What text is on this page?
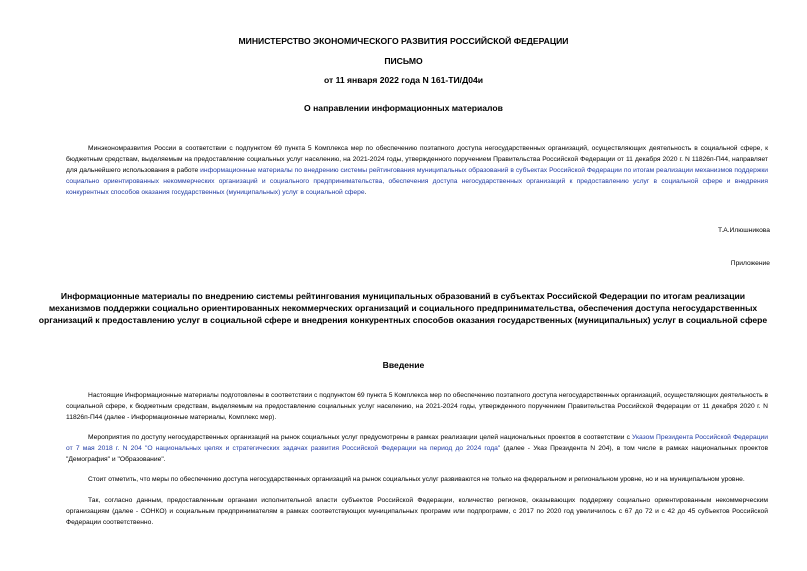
МИНИСТЕРСТВО ЭКОНОМИЧЕСКОГО РАЗВИТИЯ РОССИЙСКОЙ ФЕДЕРАЦИИ
ПИСЬМО
от 11 января 2022 года N 161-ТИ/Д04и
О направлении информационных материалов

Минэкономразвития России в соответствии с подпунктом 69 пункта 5 Комплекса мер по обеспечению поэтапного доступа негосударственных организаций, осуществляющих деятельность в социальной сфере, к бюджетным средствам, выделяемым на предоставление социальных услуг населению, на 2021-2024 годы, утвержденного поручением Правительства Российской Федерации от 11 декабря 2020 г. N 11826п-П44, направляет для дальнейшего использования в работе информационные материалы по внедрению системы рейтингования муниципальных образований в субъектах Российской Федерации по итогам реализации механизмов поддержки социально ориентированных некоммерческих организаций и социального предпринимательства, обеспечения доступа негосударственных организаций к предоставлению услуг в социальной сфере и внедрения конкурентных способов оказания государственных (муниципальных) услуг в социальной сфере.

Т.А.Илюшникова
Приложение
Информационные материалы по внедрению системы рейтингования муниципальных образований в субъектах Российской Федерации по итогам реализации механизмов поддержки социально ориентированных некоммерческих организаций и социального предпринимательства, обеспечения доступа негосударственных организаций к предоставлению услуг в социальной сфере и внедрения конкурентных способов оказания государственных (муниципальных) услуг в социальной сфере
Введение

Настоящие Информационные материалы подготовлены в соответствии с подпунктом 69 пункта 5 Комплекса мер по обеспечению поэтапного доступа негосударственных организаций, осуществляющих деятельность в социальной сфере, к бюджетным средствам, выделяемым на предоставление социальных услуг населению, на 2021-2024 годы, утвержденного поручением Правительства Российской Федерации от 11 декабря 2020 г. N 11826п-П44 (далее - Информационные материалы, Комплекс мер).

Мероприятия по доступу негосударственных организаций на рынок социальных услуг предусмотрены в рамках реализации целей национальных проектов в соответствии с Указом Президента Российской Федерации от 7 мая 2018 г. N 204 "О национальных целях и стратегических задачах развития Российской Федерации на период до 2024 года" (далее - Указ Президента N 204), в том числе в рамках национальных проектов "Демография" и "Образование".

Стоит отметить, что меры по обеспечению доступа негосударственных организаций на рынок социальных услуг развиваются не только на федеральном и региональном уровне, но и на муниципальном уровне.

Так, согласно данным, предоставленным органами исполнительной власти субъектов Российской Федерации, количество регионов, оказывающих поддержку социально ориентированным некоммерческим организациям (далее - СОНКО) и социальным предпринимателям в рамках соответствующих муниципальных программ или подпрограмм, с 2017 по 2020 год увеличилось с 67 до 72 и с 42 до 45 субъектов Российской Федерации соответственно.
